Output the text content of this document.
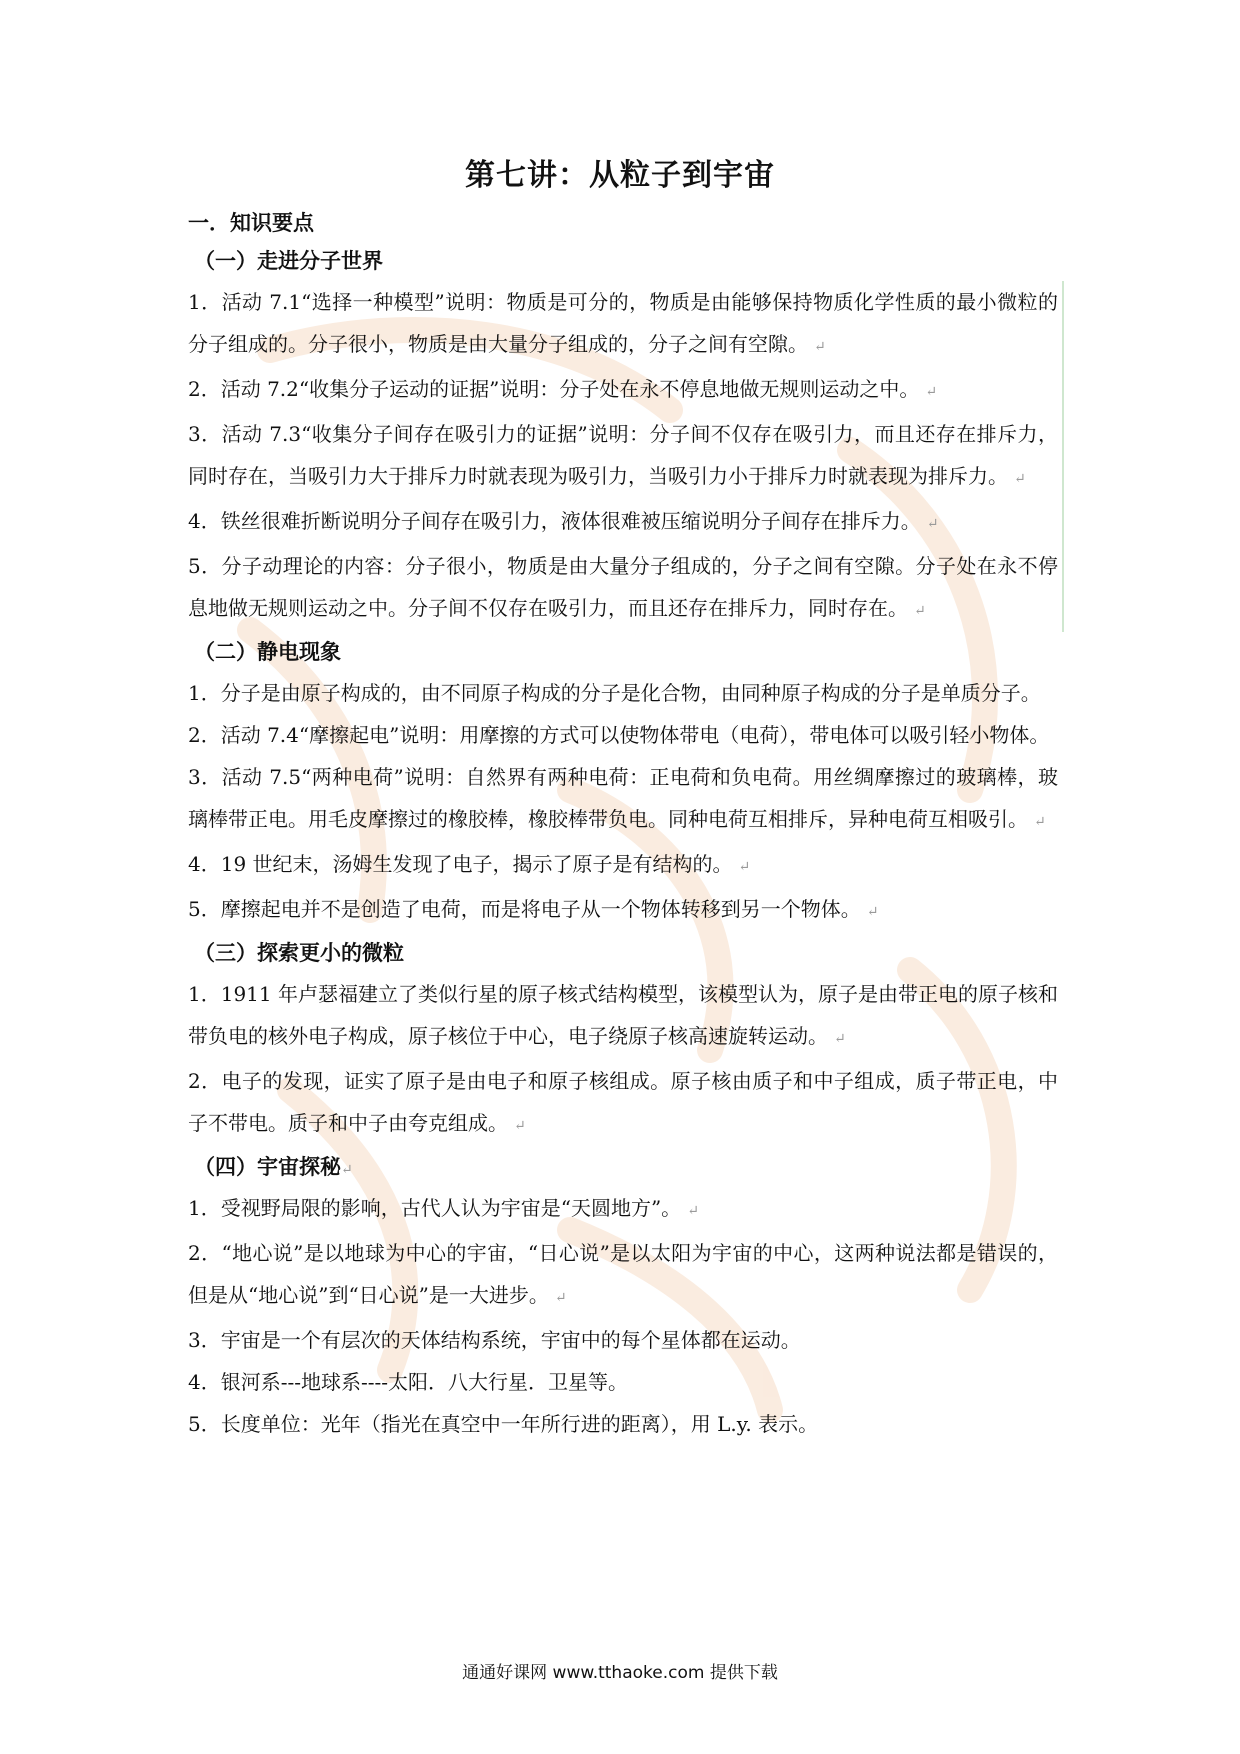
第七讲：从粒子到宇宙
一．知识要点
（一）走进分子世界
1．活动 7.1“选择一种模型”说明：物质是可分的，物质是由能够保持物质化学性质的最小微粒的分子组成的。分子很小，物质是由大量分子组成的，分子之间有空隙。 ↵
2．活动 7.2“收集分子运动的证据”说明：分子处在永不停息地做无规则运动之中。 ↵
3．活动 7.3“收集分子间存在吸引力的证据”说明：分子间不仅存在吸引力，而且还存在排斥力，同时存在，当吸引力大于排斥力时就表现为吸引力，当吸引力小于排斥力时就表现为排斥力。 ↵
4．铁丝很难折断说明分子间存在吸引力，液体很难被压缩说明分子间存在排斥力。 ↵
5．分子动理论的内容：分子很小，物质是由大量分子组成的，分子之间有空隙。分子处在永不停息地做无规则运动之中。分子间不仅存在吸引力，而且还存在排斥力，同时存在。 ↵
（二）静电现象
1．分子是由原子构成的，由不同原子构成的分子是化合物，由同种原子构成的分子是单质分子。
2．活动 7.4“摩擦起电”说明：用摩擦的方式可以使物体带电（电荷），带电体可以吸引轻小物体。
3．活动 7.5“两种电荷”说明：自然界有两种电荷：正电荷和负电荷。用丝绸摩擦过的玻璃棒，玻璃棒带正电。用毛皮摩擦过的橡胶棒，橡胶棒带负电。同种电荷互相排斥，异种电荷互相吸引。 ↵
4．19 世纪末，汤姆生发现了电子，揭示了原子是有结构的。 ↵
5．摩擦起电并不是创造了电荷，而是将电子从一个物体转移到另一个物体。 ↵
（三）探索更小的微粒
1．1911 年卢瑟福建立了类似行星的原子核式结构模型，该模型认为，原子是由带正电的原子核和带负电的核外电子构成，原子核位于中心，电子绕原子核高速旋转运动。 ↵
2．电子的发现，证实了原子是由电子和原子核组成。原子核由质子和中子组成，质子带正电，中子不带电。质子和中子由夸克组成。 ↵
（四）宇宙探秘↵
1．受视野局限的影响，古代人认为宇宙是“天圆地方”。 ↵
2．“地心说”是以地球为中心的宇宙，“日心说”是以太阳为宇宙的中心，这两种说法都是错误的，但是从“地心说”到“日心说”是一大进步。 ↵
3．宇宙是一个有层次的天体结构系统，宇宙中的每个星体都在运动。
4．银河系---地球系----太阳．八大行星．卫星等。
5．长度单位：光年（指光在真空中一年所行进的距离），用 L.y. 表示。
通通好课网 www.tthaoke.com 提供下载
